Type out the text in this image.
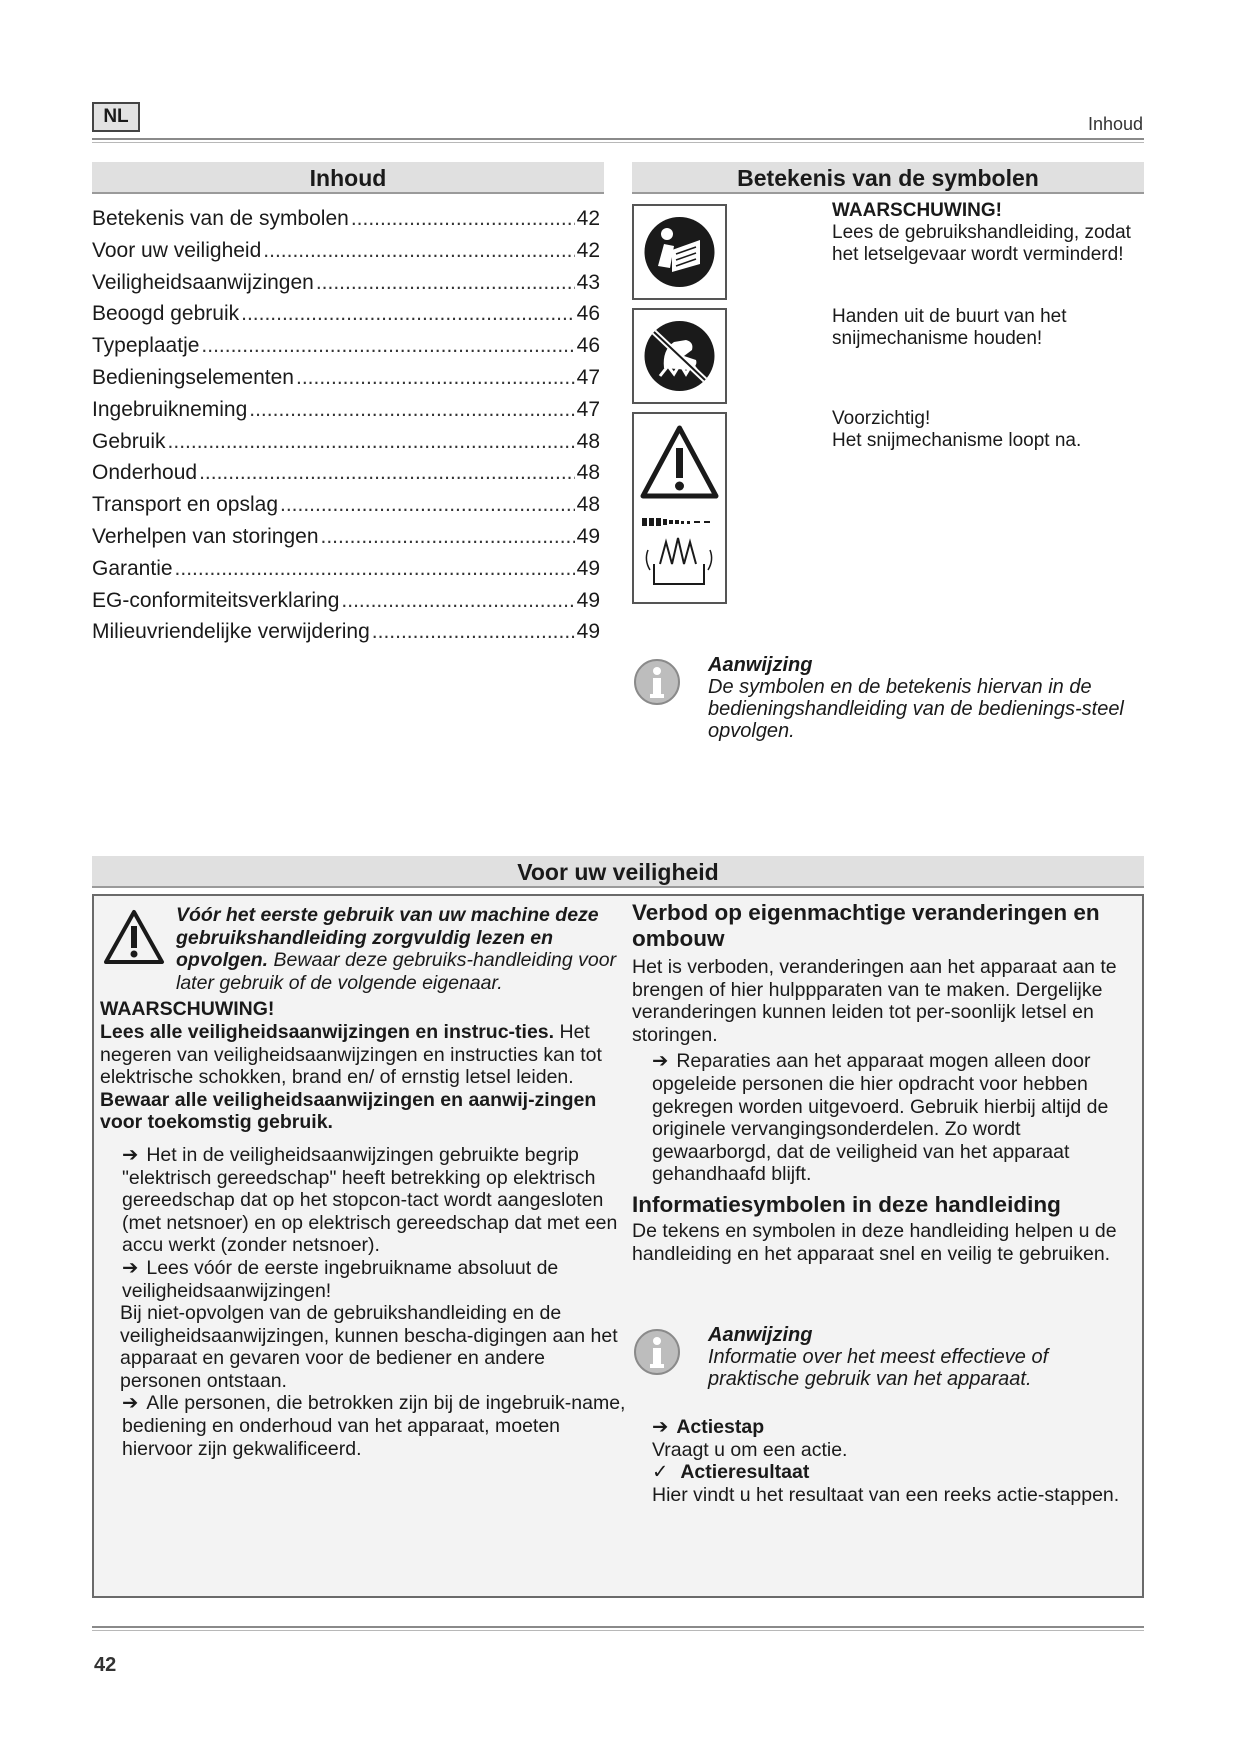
NL	Inhoud
Inhoud
Betekenis van de symbolen .....	42
Voor uw veiligheid .....	42
Veiligheidsaanwijzingen .....	43
Beoogd gebruik .....	46
Typeplaatje .....	46
Bedieningselementen .....	47
Ingebruikneming .....	47
Gebruik .....	48
Onderhoud .....	48
Transport en opslag .....	48
Verhelpen van storingen .....	49
Garantie .....	49
EG-conformiteitsverklaring .....	49
Milieuvriendelijke verwijdering .....	49
Betekenis van de symbolen

WAARSCHUWING!

Lees de gebruikshandleiding, zodat het letselgevaar wordt verminderd!

Handen uit de buurt van het snijmechanisme houden!

Voorzichtig!

Het snijmechanisme loopt na.

Aanwijzing
De symbolen en de betekenis hiervan in de bedieningshandleiding van de bedienings-steel opvolgen.
Voor uw veiligheid

Vóór het eerste gebruik van uw machine deze gebruikshandleiding zorgvuldig lezen en opvolgen. Bewaar deze gebruiks-handleiding voor later gebruik of de volgende eigenaar.

WAARSCHUWING!

Lees alle veiligheidsaanwijzingen en instruc-ties. Het negeren van veiligheidsaanwijzingen en instructies kan tot elektrische schokken, brand en/ of ernstig letsel leiden.

Bewaar alle veiligheidsaanwijzingen en aanwij-zingen voor toekomstig gebruik.

➔ Het in de veiligheidsaanwijzingen gebruikte begrip "elektrisch gereedschap" heeft betrekking op elektrisch gereedschap dat op het stopcon-tact wordt aangesloten (met netsnoer) en op elektrisch gereedschap dat met een accu werkt (zonder netsnoer).

➔ Lees vóór de eerste ingebruikname absoluut de veiligheidsaanwijzingen!

Bij niet-opvolgen van de gebruikshandleiding en de veiligheidsaanwijzingen, kunnen bescha-digingen aan het apparaat en gevaren voor de bediener en andere personen ontstaan.

➔ Alle personen, die betrokken zijn bij de ingebruik-name, bediening en onderhoud van het apparaat, moeten hiervoor zijn gekwalificeerd.

Verbod op eigenmachtige veranderingen en ombouw

Het is verboden, veranderingen aan het apparaat aan te brengen of hier hulppparaten van te maken. Dergelijke veranderingen kunnen leiden tot per-soonlijk letsel en storingen.

➔ Reparaties aan het apparaat mogen alleen door opgeleide personen die hier opdracht voor hebben gekregen worden uitgevoerd. Gebruik hierbij altijd de originele vervangingsonderdelen. Zo wordt gewaarborgd, dat de veiligheid van het apparaat gehandhaafd blijft.

Informatiesymbolen in deze handleiding

De tekens en symbolen in deze handleiding helpen u de handleiding en het apparaat snel en veilig te gebruiken.

Aanwijzing
Informatie over het meest effectieve of praktische gebruik van het apparaat.

➔ Actiestap

Vraagt u om een actie.

✓ Actieresultaat

Hier vindt u het resultaat van een reeks actie-stappen.

42
